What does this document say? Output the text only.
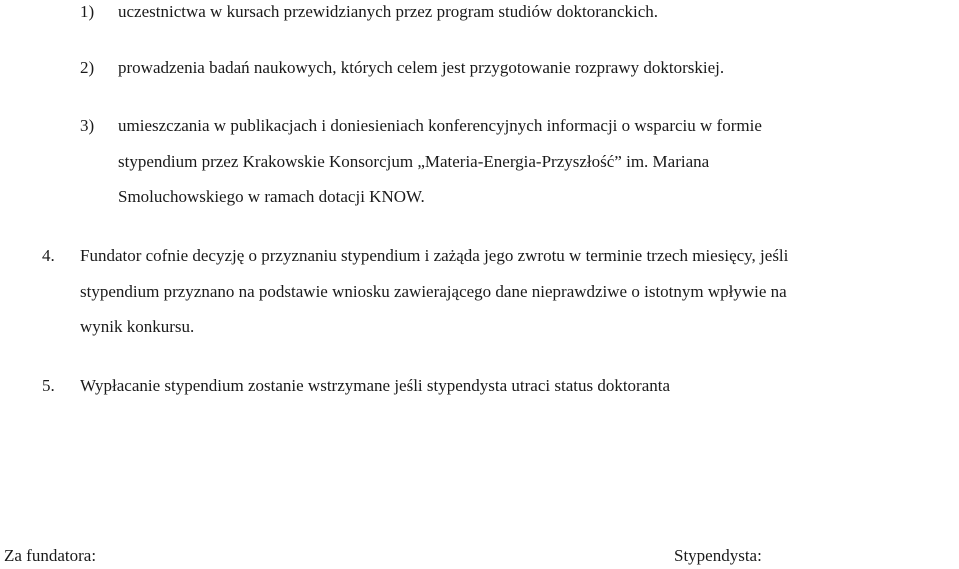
1) uczestnictwa w kursach przewidzianych przez program studiów doktoranckich.
2) prowadzenia badań naukowych, których celem jest przygotowanie rozprawy doktorskiej.
3) umieszczania w publikacjach i doniesieniach konferencyjnych informacji o wsparciu w formie
stypendium przez Krakowskie Konsorcjum „Materia-Energia-Przyszłość” im. Mariana
Smoluchowskiego w ramach dotacji KNOW.
4. Fundator cofnie decyzję o przyznaniu stypendium i zażąda jego zwrotu w terminie trzech miesięcy, jeśli
stypendium przyznano na podstawie wniosku zawierającego dane nieprawdziwe o istotnym wpływie na
wynik konkursu.
5. Wypłacanie stypendium zostanie wstrzymane jeśli stypendysta utraci status doktoranta
Za fundatora:	Stypendysta:
